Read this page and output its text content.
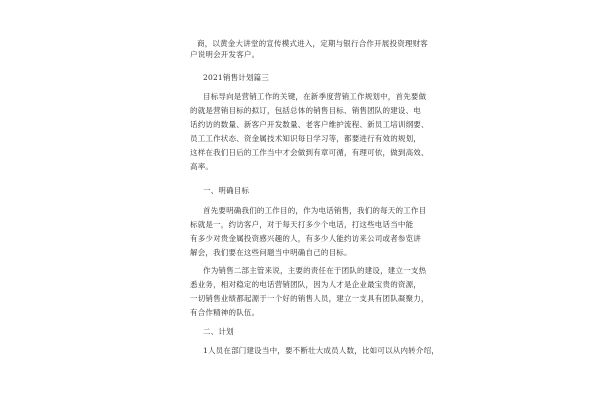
商，以黄金大讲堂的宣传模式进入，定期与银行合作开展投资理财客
户说明会开发客户。
2021销售计划篇三
目标导向是营销工作的关键，在新季度营销工作规划中，首先要做
的就是营销目标的拟订，包括总体的销售目标、销售团队的建设、电
话约访的数量、新客户开发数量、老客户维护流程、新员工培训纲要、
员工工作状态、资金属技术知识每日学习等，都要进行有效的规划，
这样在我们日后的工作当中才会做到有章可循，有理可依，做到高效、
高率。
一、明确目标
首先要明确我们的工作目的，作为电话销售，我们的每天的工作目
标就是一，约访客户，对于每天打多少个电话，打这些电话当中能
有多少对贵金属投资感兴趣的人，有多少人能约访来公司或者参览讲
解会，我们要在这些问题当中明确自己的目标。
作为销售二部主管来说，主要的责任在于团队的建设，建立一支热
悉业务，相对稳定的电话营销团队，因为人才是企业最宝贵的资源，
一切销售业绩都起源于一个好的销售人员，建立一支具有团队凝聚力，
有合作精神的队伍。
二、计划
1人员在部门建设当中，要不断壮大成员人数，比如可以从内转介绍，
